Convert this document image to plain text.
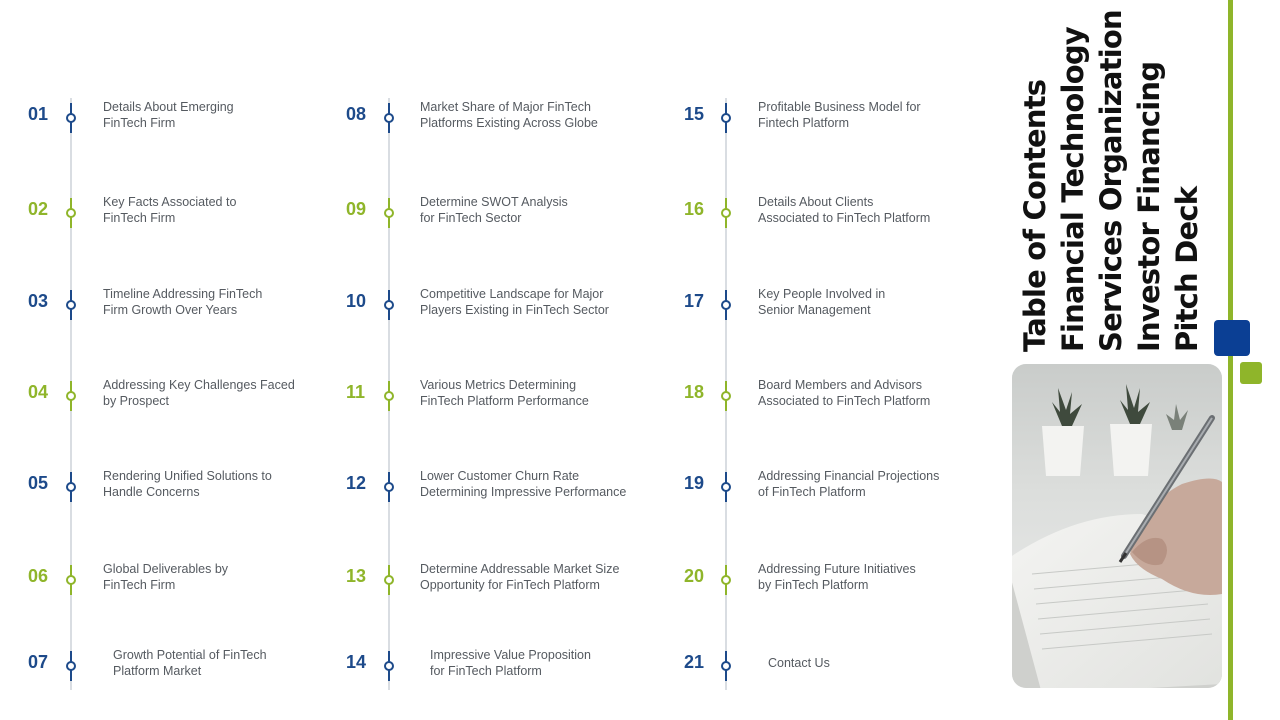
01	Details About Emerging
FinTech Firm
02	Key Facts Associated to
FinTech Firm
03	Timeline Addressing FinTech
Firm Growth Over Years
04	Addressing Key Challenges Faced
by Prospect
05	Rendering Unified Solutions to
Handle Concerns
06	Global Deliverables by
FinTech Firm
07	Growth Potential of FinTech
Platform Market
08	Market Share of Major FinTech
Platforms Existing Across Globe
09	Determine SWOT Analysis
for FinTech Sector
10	Competitive Landscape for Major
Players Existing in FinTech Sector
11	Various Metrics Determining
FinTech Platform Performance
12	Lower Customer Churn Rate
Determining Impressive Performance
13	Determine Addressable Market Size
Opportunity for FinTech Platform
14	Impressive Value Proposition
for FinTech Platform
15	Profitable Business Model for
Fintech Platform
16	Details About Clients
Associated to FinTech Platform
17	Key People Involved in
Senior Management
18	Board Members and Advisors
Associated to FinTech Platform
19	Addressing Financial Projections
of FinTech Platform
20	Addressing Future Initiatives
by FinTech Platform
21	Contact Us
Table of Contents
Financial Technology
Services Organization
Investor Financing
Pitch Deck
